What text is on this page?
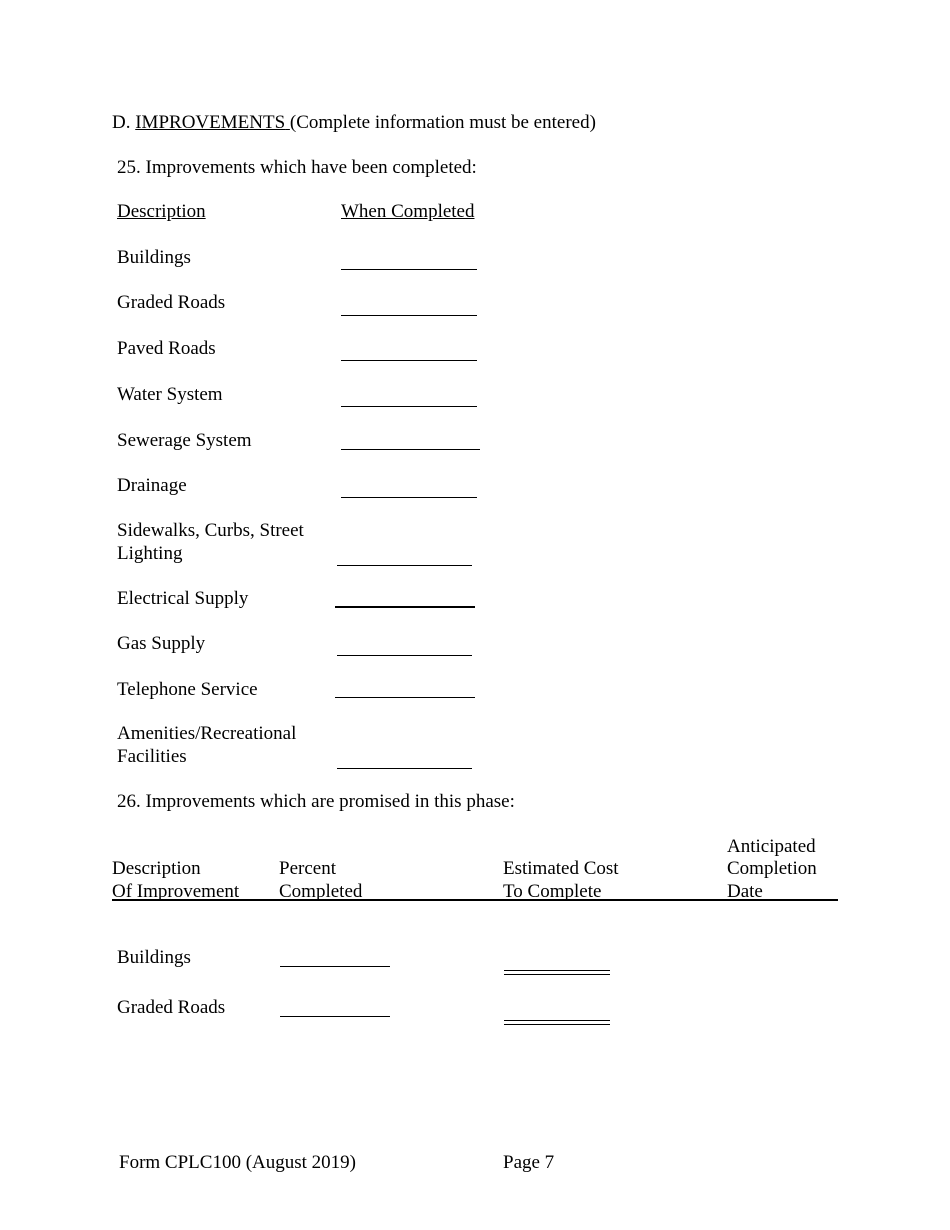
D. IMPROVEMENTS (Complete information must be entered)
25. Improvements which have been completed:
Description	When Completed
Buildings
Graded Roads
Paved Roads
Water System
Sewerage System
Drainage
Sidewalks, Curbs, Street
Lighting
Electrical Supply
Gas Supply
Telephone Service
Amenities/Recreational
Facilities
26. Improvements which are promised in this phase:
Description
Of Improvement
Percent
Completed
Estimated Cost
To Complete
Anticipated
Completion
Date
Buildings
Graded Roads
Form CPLC100 (August 2019)	Page 7
